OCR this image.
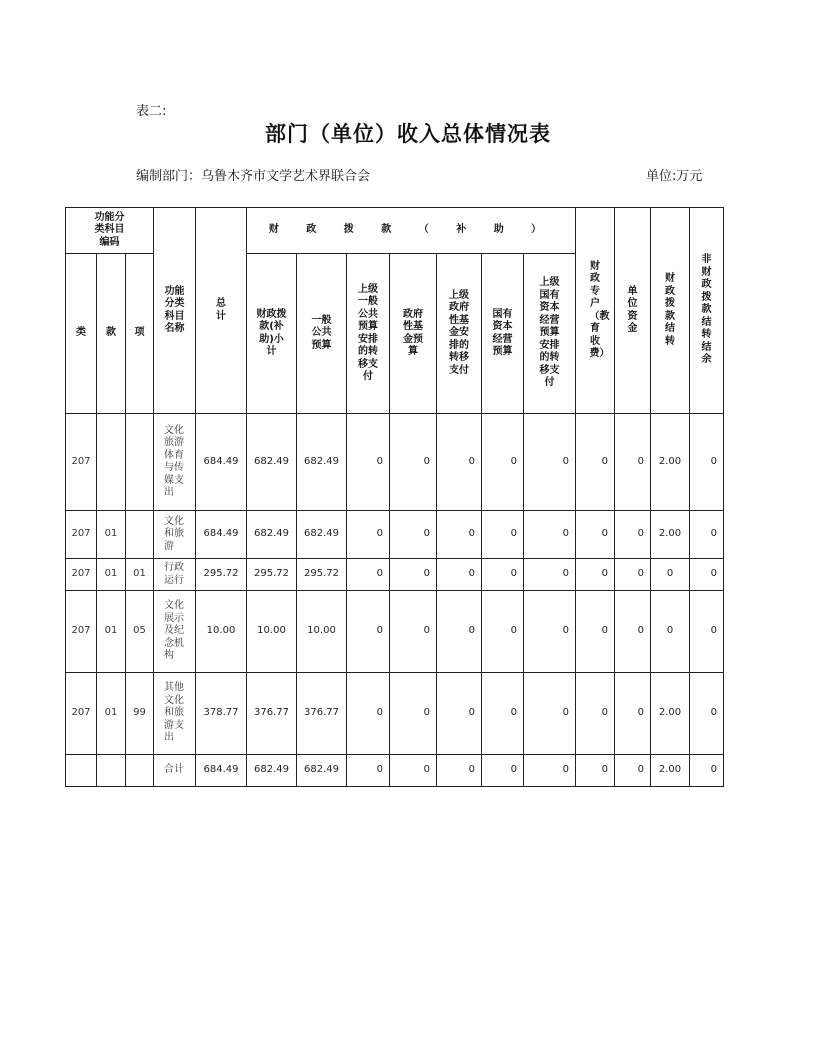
表二:
部门（单位）收入总体情况表
编制部门：乌鲁木齐市文学艺术界联合会	单位:万元
功能分类科目编码			功能分类科目名称	总计	财 政 拨 款 （ 补 助 ）							财政专户（教育收费）	单位资金	财政拨款结转	非财政拨款结转结余
类	款	项			财政拨款(补助)小计	一般公共预算	上级一般公共预算安排的转移支付	政府性基金预算	上级政府性基金安排的转移支付	国有资本经营预算	上级国有资本经营预算安排的转移支付				
207			文化旅游体育与传媒支出	684.49	682.49	682.49	0	0	0	0	0	0	0	2.00	0
207	01		文化和旅游	684.49	682.49	682.49	0	0	0	0	0	0	0	2.00	0
207	01	01	行政运行	295.72	295.72	295.72	0	0	0	0	0	0	0	0	0
207	01	05	文化展示及纪念机构	10.00	10.00	10.00	0	0	0	0	0	0	0	0	0
207	01	99	其他文化和旅游支出	378.77	376.77	376.77	0	0	0	0	0	0	0	2.00	0
			合计	684.49	682.49	682.49	0	0	0	0	0	0	0	2.00	0
